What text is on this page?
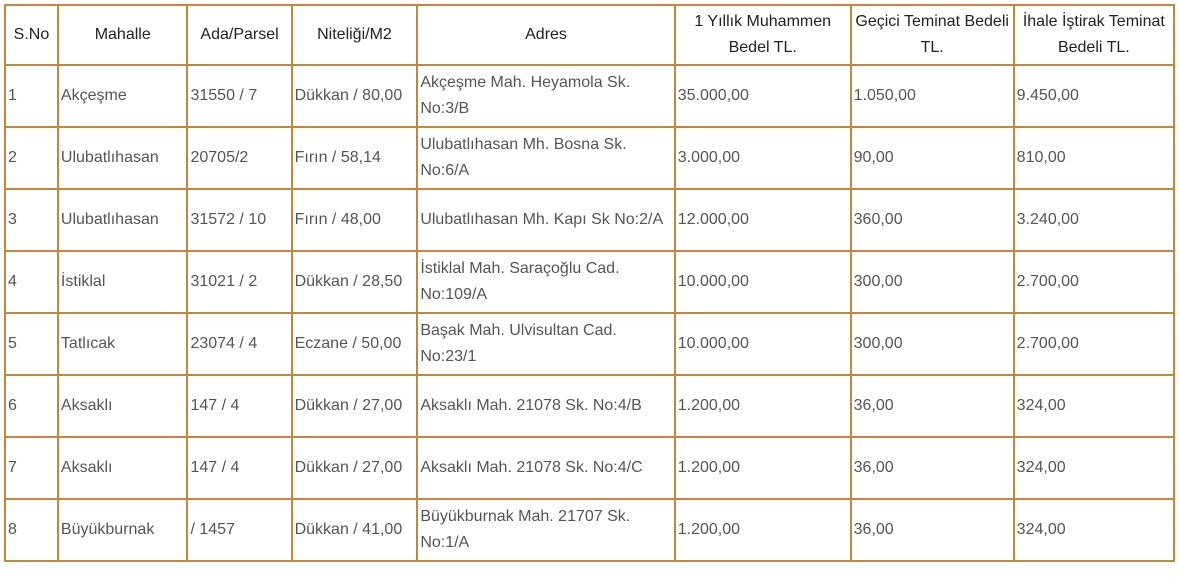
S.No	Mahalle	Ada/Parsel	Niteliği/M2	Adres	1 Yıllık Muhammen Bedel TL.	Geçici Teminat Bedeli TL.	İhale İştirak Teminat Bedeli TL.
1	Akçeşme	31550 / 7	Dükkan / 80,00	Akçeşme Mah. Heyamola Sk. No:3/B	35.000,00	1.050,00	9.450,00
2	Ulubatlıhasan	20705/2	Fırın / 58,14	Ulubatlıhasan Mh. Bosna Sk. No:6/A	3.000,00	90,00	810,00
3	Ulubatlıhasan	31572 / 10	Fırın / 48,00	Ulubatlıhasan Mh. Kapı Sk No:2/A	12.000,00	360,00	3.240,00
4	İstiklal	31021 / 2	Dükkan / 28,50	İstiklal Mah. Saraçoğlu Cad. No:109/A	10.000,00	300,00	2.700,00
5	Tatlıcak	23074 / 4	Eczane / 50,00	Başak Mah. Ulvisultan Cad. No:23/1	10.000,00	300,00	2.700,00
6	Aksaklı	147 / 4	Dükkan / 27,00	Aksaklı Mah. 21078 Sk. No:4/B	1.200,00	36,00	324,00
7	Aksaklı	147 / 4	Dükkan / 27,00	Aksaklı Mah. 21078 Sk. No:4/C	1.200,00	36,00	324,00
8	Büyükburnak	/ 1457	Dükkan / 41,00	Büyükburnak Mah. 21707 Sk. No:1/A	1.200,00	36,00	324,00
